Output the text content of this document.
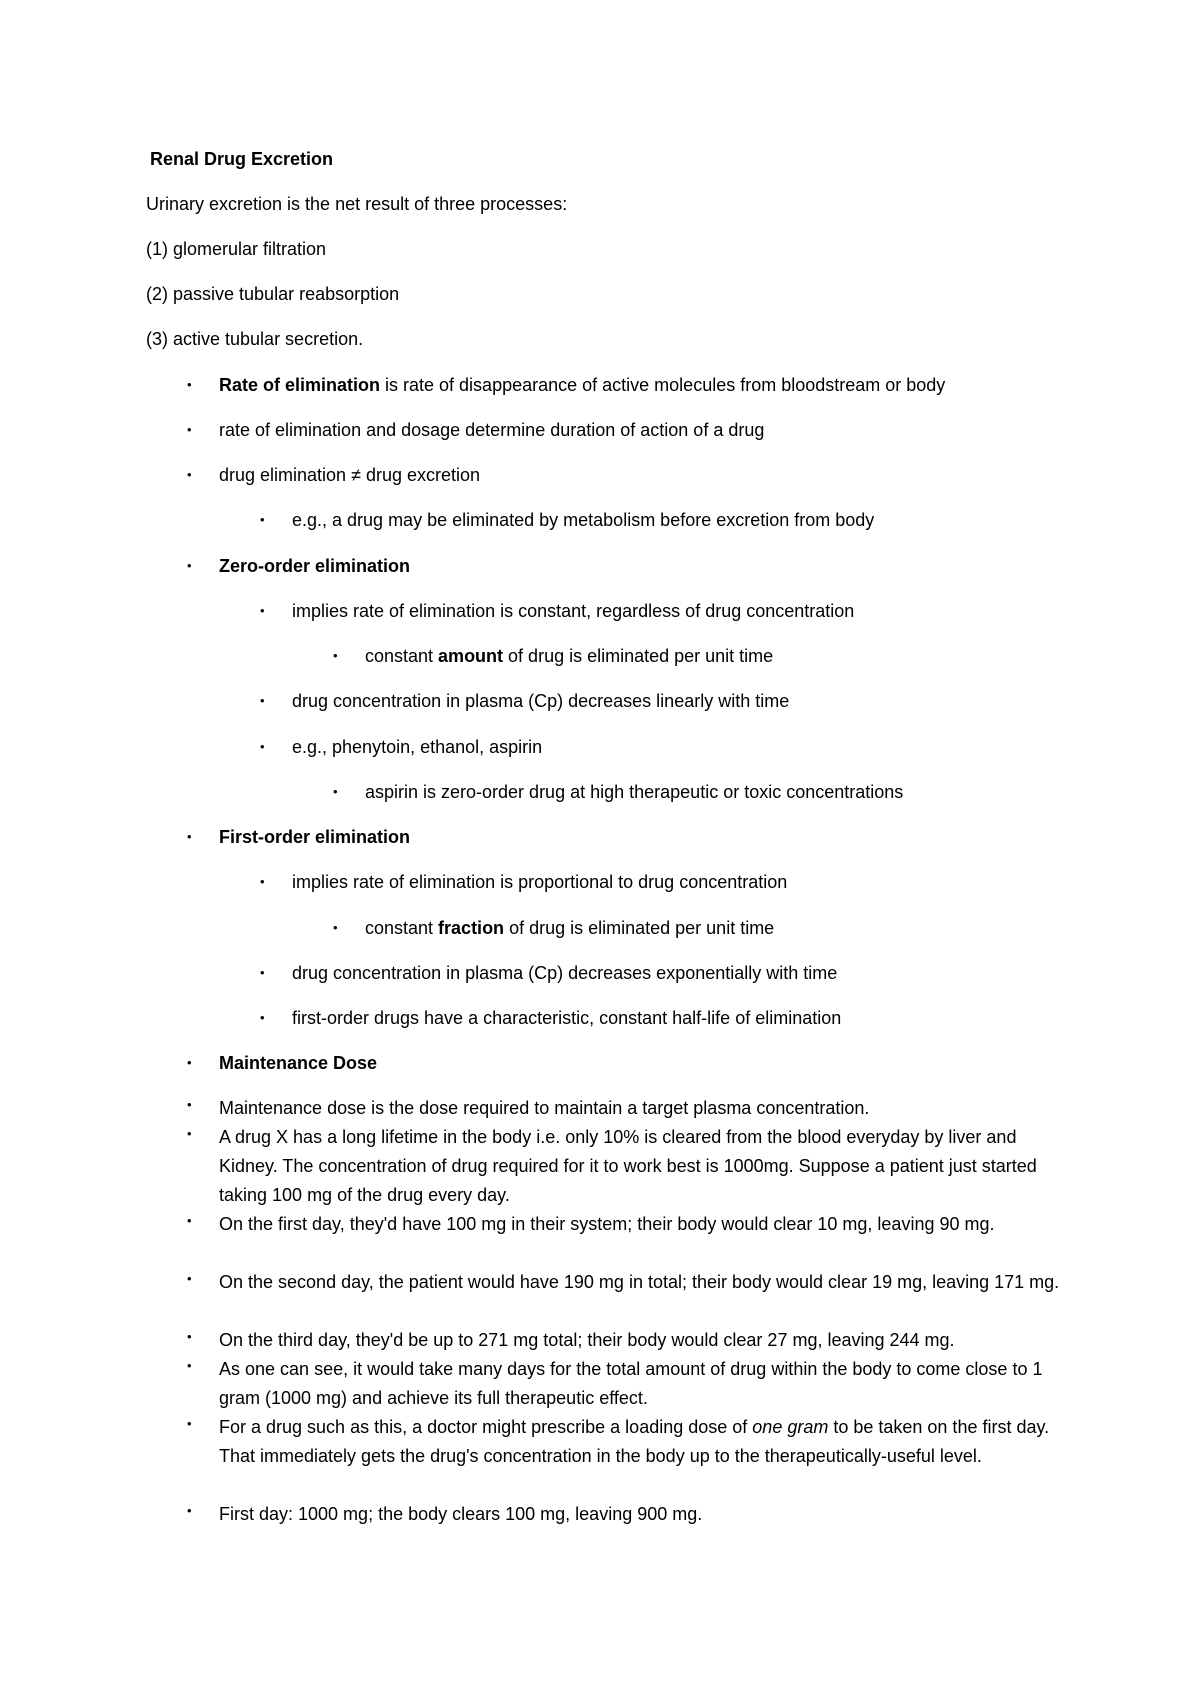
Renal Drug Excretion
Urinary excretion is the net result of three processes:
(1) glomerular filtration
(2) passive tubular reabsorption
(3) active tubular secretion.
• Rate of elimination is rate of disappearance of active molecules from bloodstream or body
• rate of elimination and dosage determine duration of action of a drug
• drug elimination ≠ drug excretion
• e.g., a drug may be eliminated by metabolism before excretion from body
• Zero-order elimination
• implies rate of elimination is constant, regardless of drug concentration
• constant amount of drug is eliminated per unit time
• drug concentration in plasma (Cp) decreases linearly with time
• e.g., phenytoin, ethanol, aspirin
• aspirin is zero-order drug at high therapeutic or toxic concentrations
• First-order elimination
• implies rate of elimination is proportional to drug concentration
• constant fraction of drug is eliminated per unit time
• drug concentration in plasma (Cp) decreases exponentially with time
• first-order drugs have a characteristic, constant half-life of elimination
• Maintenance Dose
• Maintenance dose is the dose required to maintain a target plasma concentration.
• A drug X has a long lifetime in the body i.e. only 10% is cleared from the blood everyday by liver and Kidney. The concentration of drug required for it to work best is 1000mg. Suppose a patient just started taking 100 mg of the drug every day.
• On the first day, they'd have 100 mg in their system; their body would clear 10 mg, leaving 90 mg.
• On the second day, the patient would have 190 mg in total; their body would clear 19 mg, leaving 171 mg.
• On the third day, they'd be up to 271 mg total; their body would clear 27 mg, leaving 244 mg.
• As one can see, it would take many days for the total amount of drug within the body to come close to 1 gram (1000 mg) and achieve its full therapeutic effect.
• For a drug such as this, a doctor might prescribe a loading dose of one gram to be taken on the first day. That immediately gets the drug's concentration in the body up to the therapeutically-useful level.
• First day: 1000 mg; the body clears 100 mg, leaving 900 mg.
